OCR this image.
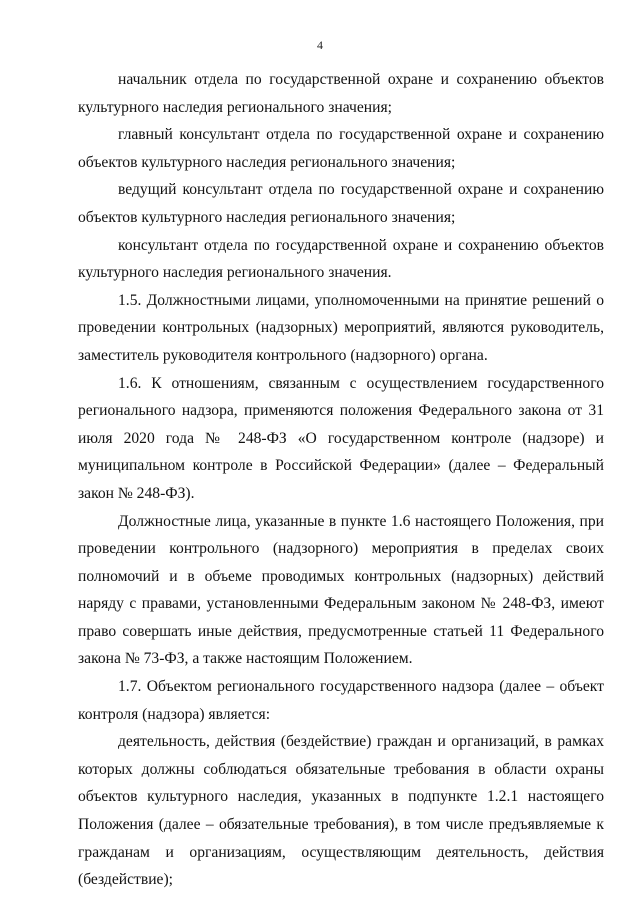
4

начальник отдела по государственной охране и сохранению объектов культурного наследия регионального значения;

главный консультант отдела по государственной охране и сохранению объектов культурного наследия регионального значения;

ведущий консультант отдела по государственной охране и сохранению объектов культурного наследия регионального значения;

консультант отдела по государственной охране и сохранению объектов культурного наследия регионального значения.

1.5. Должностными лицами, уполномоченными на принятие решений о проведении контрольных (надзорных) мероприятий, являются руководитель, заместитель руководителя контрольного (надзорного) органа.

1.6. К отношениям, связанным с осуществлением государственного регионального надзора, применяются положения Федерального закона от 31 июля 2020 года № 248-ФЗ «О государственном контроле (надзоре) и муниципальном контроле в Российской Федерации» (далее – Федеральный закон № 248-ФЗ).

Должностные лица, указанные в пункте 1.6 настоящего Положения, при проведении контрольного (надзорного) мероприятия в пределах своих полномочий и в объеме проводимых контрольных (надзорных) действий наряду с правами, установленными Федеральным законом № 248-ФЗ, имеют право совершать иные действия, предусмотренные статьей 11 Федерального закона № 73-ФЗ, а также настоящим Положением.

1.7. Объектом регионального государственного надзора (далее – объект контроля (надзора) является:

деятельность, действия (бездействие) граждан и организаций, в рамках которых должны соблюдаться обязательные требования в области охраны объектов культурного наследия, указанных в подпункте 1.2.1 настоящего Положения (далее – обязательные требования), в том числе предъявляемые к гражданам и организациям, осуществляющим деятельность, действия (бездействие);
